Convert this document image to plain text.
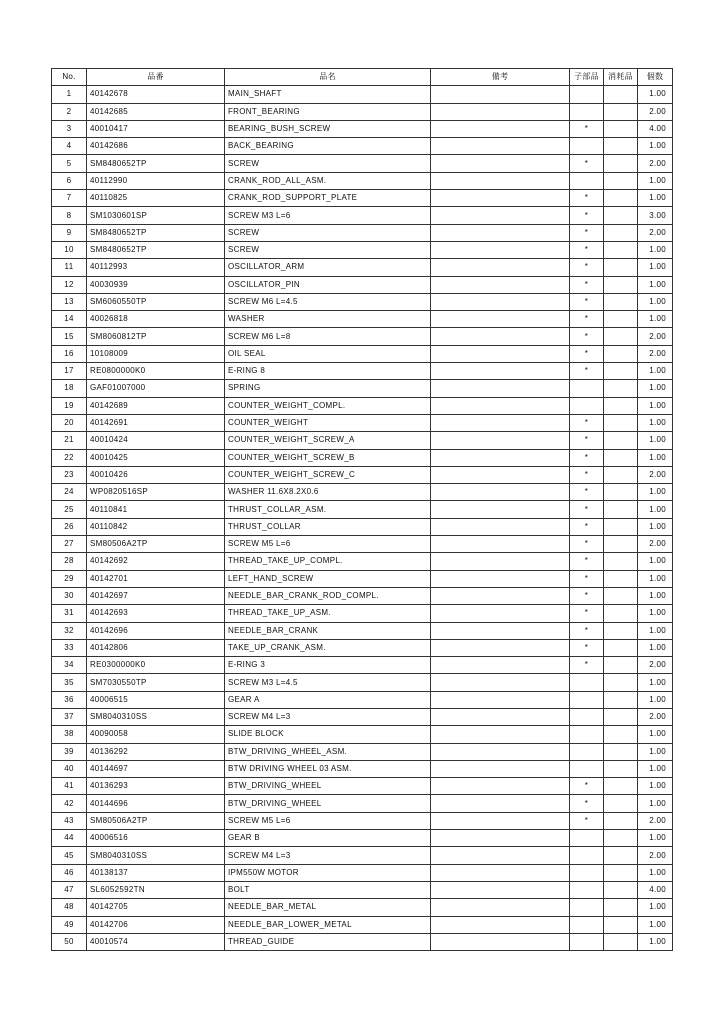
No.	品番	品名	備考	子部品	消耗品	個数
1	40142678	MAIN_SHAFT				1.00
2	40142685	FRONT_BEARING				2.00
3	40010417	BEARING_BUSH_SCREW		*		4.00
4	40142686	BACK_BEARING				1.00
5	SM8480652TP	SCREW		*		2.00
6	40112990	CRANK_ROD_ALL_ASM.				1.00
7	40110825	CRANK_ROD_SUPPORT_PLATE		*		1.00
8	SM1030601SP	SCREW M3 L=6		*		3.00
9	SM8480652TP	SCREW		*		2.00
10	SM8480652TP	SCREW		*		1.00
11	40112993	OSCILLATOR_ARM		*		1.00
12	40030939	OSCILLATOR_PIN		*		1.00
13	SM6060550TP	SCREW M6 L=4.5		*		1.00
14	40026818	WASHER		*		1.00
15	SM8060812TP	SCREW M6 L=8		*		2.00
16	10108009	OIL SEAL		*		2.00
17	RE0800000K0	E-RING 8		*		1.00
18	GAF01007000	SPRING				1.00
19	40142689	COUNTER_WEIGHT_COMPL.				1.00
20	40142691	COUNTER_WEIGHT		*		1.00
21	40010424	COUNTER_WEIGHT_SCREW_A		*		1.00
22	40010425	COUNTER_WEIGHT_SCREW_B		*		1.00
23	40010426	COUNTER_WEIGHT_SCREW_C		*		2.00
24	WP0820516SP	WASHER 11.6X8.2X0.6		*		1.00
25	40110841	THRUST_COLLAR_ASM.		*		1.00
26	40110842	THRUST_COLLAR		*		1.00
27	SM80506A2TP	SCREW M5 L=6		*		2.00
28	40142692	THREAD_TAKE_UP_COMPL.		*		1.00
29	40142701	LEFT_HAND_SCREW		*		1.00
30	40142697	NEEDLE_BAR_CRANK_ROD_COMPL.		*		1.00
31	40142693	THREAD_TAKE_UP_ASM.		*		1.00
32	40142696	NEEDLE_BAR_CRANK		*		1.00
33	40142806	TAKE_UP_CRANK_ASM.		*		1.00
34	RE0300000K0	E-RING 3		*		2.00
35	SM7030550TP	SCREW M3 L=4.5				1.00
36	40006515	GEAR A				1.00
37	SM8040310SS	SCREW M4 L=3				2.00
38	40090058	SLIDE BLOCK				1.00
39	40136292	BTW_DRIVING_WHEEL_ASM.				1.00
40	40144697	BTW DRIVING WHEEL 03 ASM.				1.00
41	40136293	BTW_DRIVING_WHEEL		*		1.00
42	40144696	BTW_DRIVING_WHEEL		*		1.00
43	SM80506A2TP	SCREW M5 L=6		*		2.00
44	40006516	GEAR B				1.00
45	SM8040310SS	SCREW M4 L=3				2.00
46	40138137	IPM550W MOTOR				1.00
47	SL6052592TN	BOLT				4.00
48	40142705	NEEDLE_BAR_METAL				1.00
49	40142706	NEEDLE_BAR_LOWER_METAL				1.00
50	40010574	THREAD_GUIDE				1.00
